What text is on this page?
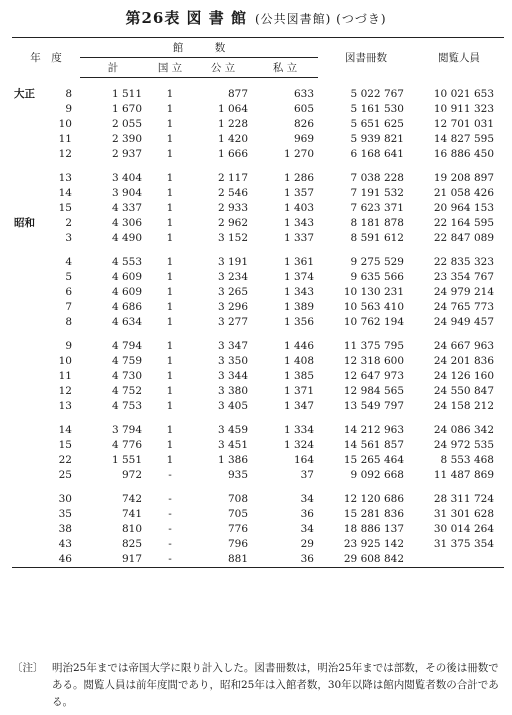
第26表 図 書 館 (公共図書館) (つづき)
年　度		館　　　数				図書冊数	閲覧人員
		計	国 立	公 立	私 立		

大正	8	1 511	1	877	633	5 022 767	10 021 653
	9	1 670	1	1 064	605	5 161 530	10 911 323
	10	2 055	1	1 228	826	5 651 625	12 701 031
	11	2 390	1	1 420	969	5 939 821	14 827 595
	12	2 937	1	1 666	1 270	6 168 641	16 886 450

	13	3 404	1	2 117	1 286	7 038 228	19 208 897
	14	3 904	1	2 546	1 357	7 191 532	21 058 426
	15	4 337	1	2 933	1 403	7 623 371	20 964 153
昭和	2	4 306	1	2 962	1 343	8 181 878	22 164 595
	3	4 490	1	3 152	1 337	8 591 612	22 847 089

	4	4 553	1	3 191	1 361	9 275 529	22 835 323
	5	4 609	1	3 234	1 374	9 635 566	23 354 767
	6	4 609	1	3 265	1 343	10 130 231	24 979 214
	7	4 686	1	3 296	1 389	10 563 410	24 765 773
	8	4 634	1	3 277	1 356	10 762 194	24 949 457

	9	4 794	1	3 347	1 446	11 375 795	24 667 963
	10	4 759	1	3 350	1 408	12 318 600	24 201 836
	11	4 730	1	3 344	1 385	12 647 973	24 126 160
	12	4 752	1	3 380	1 371	12 984 565	24 550 847
	13	4 753	1	3 405	1 347	13 549 797	24 158 212

	14	3 794	1	3 459	1 334	14 212 963	24 086 342
	15	4 776	1	3 451	1 324	14 561 857	24 972 535
	22	1 551	1	1 386	164	15 265 464	8 553 468
	25	972	-	935	37	9 092 668	11 487 869

	30	742	-	708	34	12 120 686	28 311 724
	35	741	-	705	36	15 281 836	31 301 628
	38	810	-	776	34	18 886 137	30 014 264
	43	825	-	796	29	23 925 142	31 375 354
	46	917	-	881	36	29 608 842	
〔注〕 明治25年までは帝国大学に限り計入した。図書冊数は，明治25年までは部数，その後は冊数である。閲覧人員は前年度間であり，昭和25年は入館者数，30年以降は館内閲覧者数の合計である。
